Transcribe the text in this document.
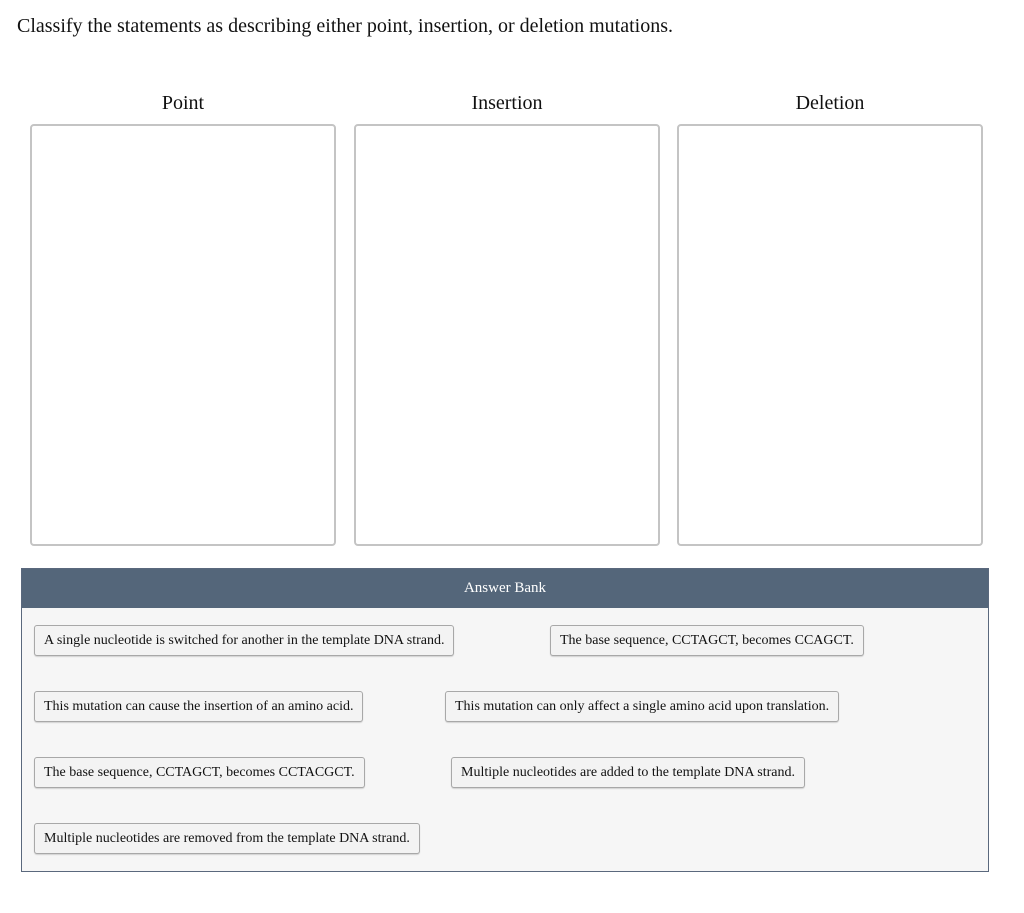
Classify the statements as describing either point, insertion, or deletion mutations.

Point	Insertion	Deletion
Answer Bank
A single nucleotide is switched for another in the template DNA strand.	The base sequence, CCTAGCT, becomes CCAGCT.
This mutation can cause the insertion of an amino acid.	This mutation can only affect a single amino acid upon translation.
The base sequence, CCTAGCT, becomes CCTACGCT.	Multiple nucleotides are added to the template DNA strand.
Multiple nucleotides are removed from the template DNA strand.
